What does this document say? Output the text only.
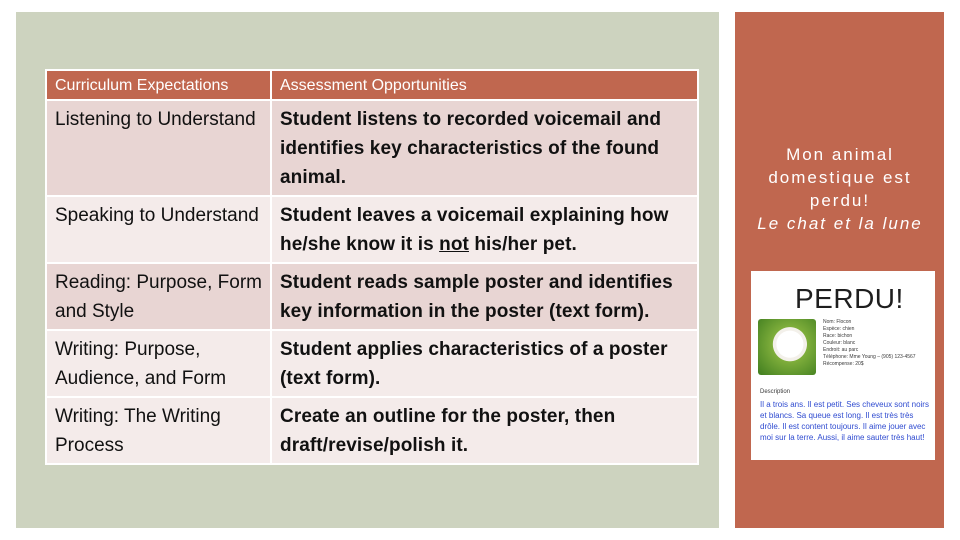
Curriculum Expectations	Assessment Opportunities
Listening to Understand	Student listens to recorded voicemail and identifies key characteristics of the found animal.
Speaking to Understand	Student leaves a voicemail explaining how he/she know it is not his/her pet.
Reading: Purpose, Form and Style	Student reads sample poster and identifies key information in the poster (text form).
Writing: Purpose, Audience, and Form	Student applies characteristics of a poster (text form).
Writing: The Writing Process	Create an outline for the poster, then draft/revise/polish it.
Mon animal domestique est perdu!
Le chat et la lune
PERDU!
Nom: Flocon
Espèce: chien
Race: bichon
Couleur: blanc
Endroit: au parc
Téléphone: Mme Young – (905) 123-4567
Récompense: 20$
Description
Il a trois ans. Il est petit. Ses cheveux sont noirs et blancs. Sa queue est long. Il est très très drôle. Il est content toujours. Il aime jouer avec moi sur la terre. Aussi, il aime sauter très haut!
